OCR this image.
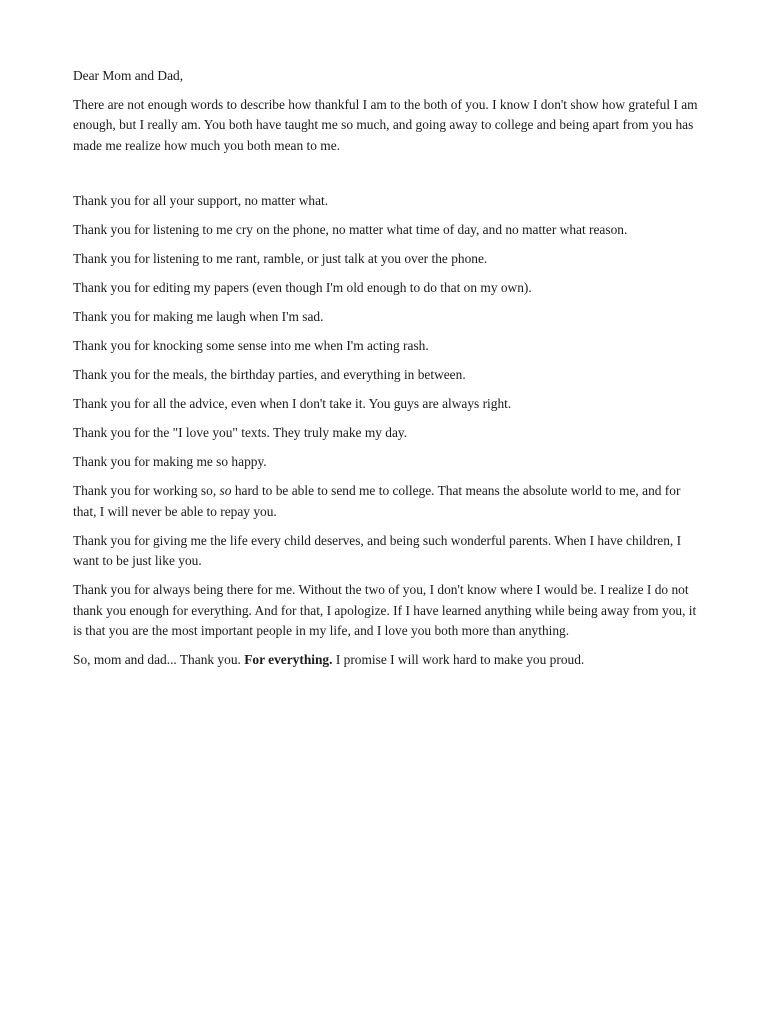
Dear Mom and Dad,

There are not enough words to describe how thankful I am to the both of you. I know I don't show how grateful I am enough, but I really am. You both have taught me so much, and going away to college and being apart from you has made me realize how much you both mean to me.

Thank you for all your support, no matter what.

Thank you for listening to me cry on the phone, no matter what time of day, and no matter what reason.

Thank you for listening to me rant, ramble, or just talk at you over the phone.

Thank you for editing my papers (even though I'm old enough to do that on my own).

Thank you for making me laugh when I'm sad.

Thank you for knocking some sense into me when I'm acting rash.

Thank you for the meals, the birthday parties, and everything in between.

Thank you for all the advice, even when I don't take it. You guys are always right.

Thank you for the "I love you" texts. They truly make my day.

Thank you for making me so happy.

Thank you for working so, so hard to be able to send me to college. That means the absolute world to me, and for that, I will never be able to repay you.

Thank you for giving me the life every child deserves, and being such wonderful parents. When I have children, I want to be just like you.

Thank you for always being there for me. Without the two of you, I don't know where I would be. I realize I do not thank you enough for everything. And for that, I apologize. If I have learned anything while being away from you, it is that you are the most important people in my life, and I love you both more than anything.

So, mom and dad... Thank you. For everything. I promise I will work hard to make you proud.
